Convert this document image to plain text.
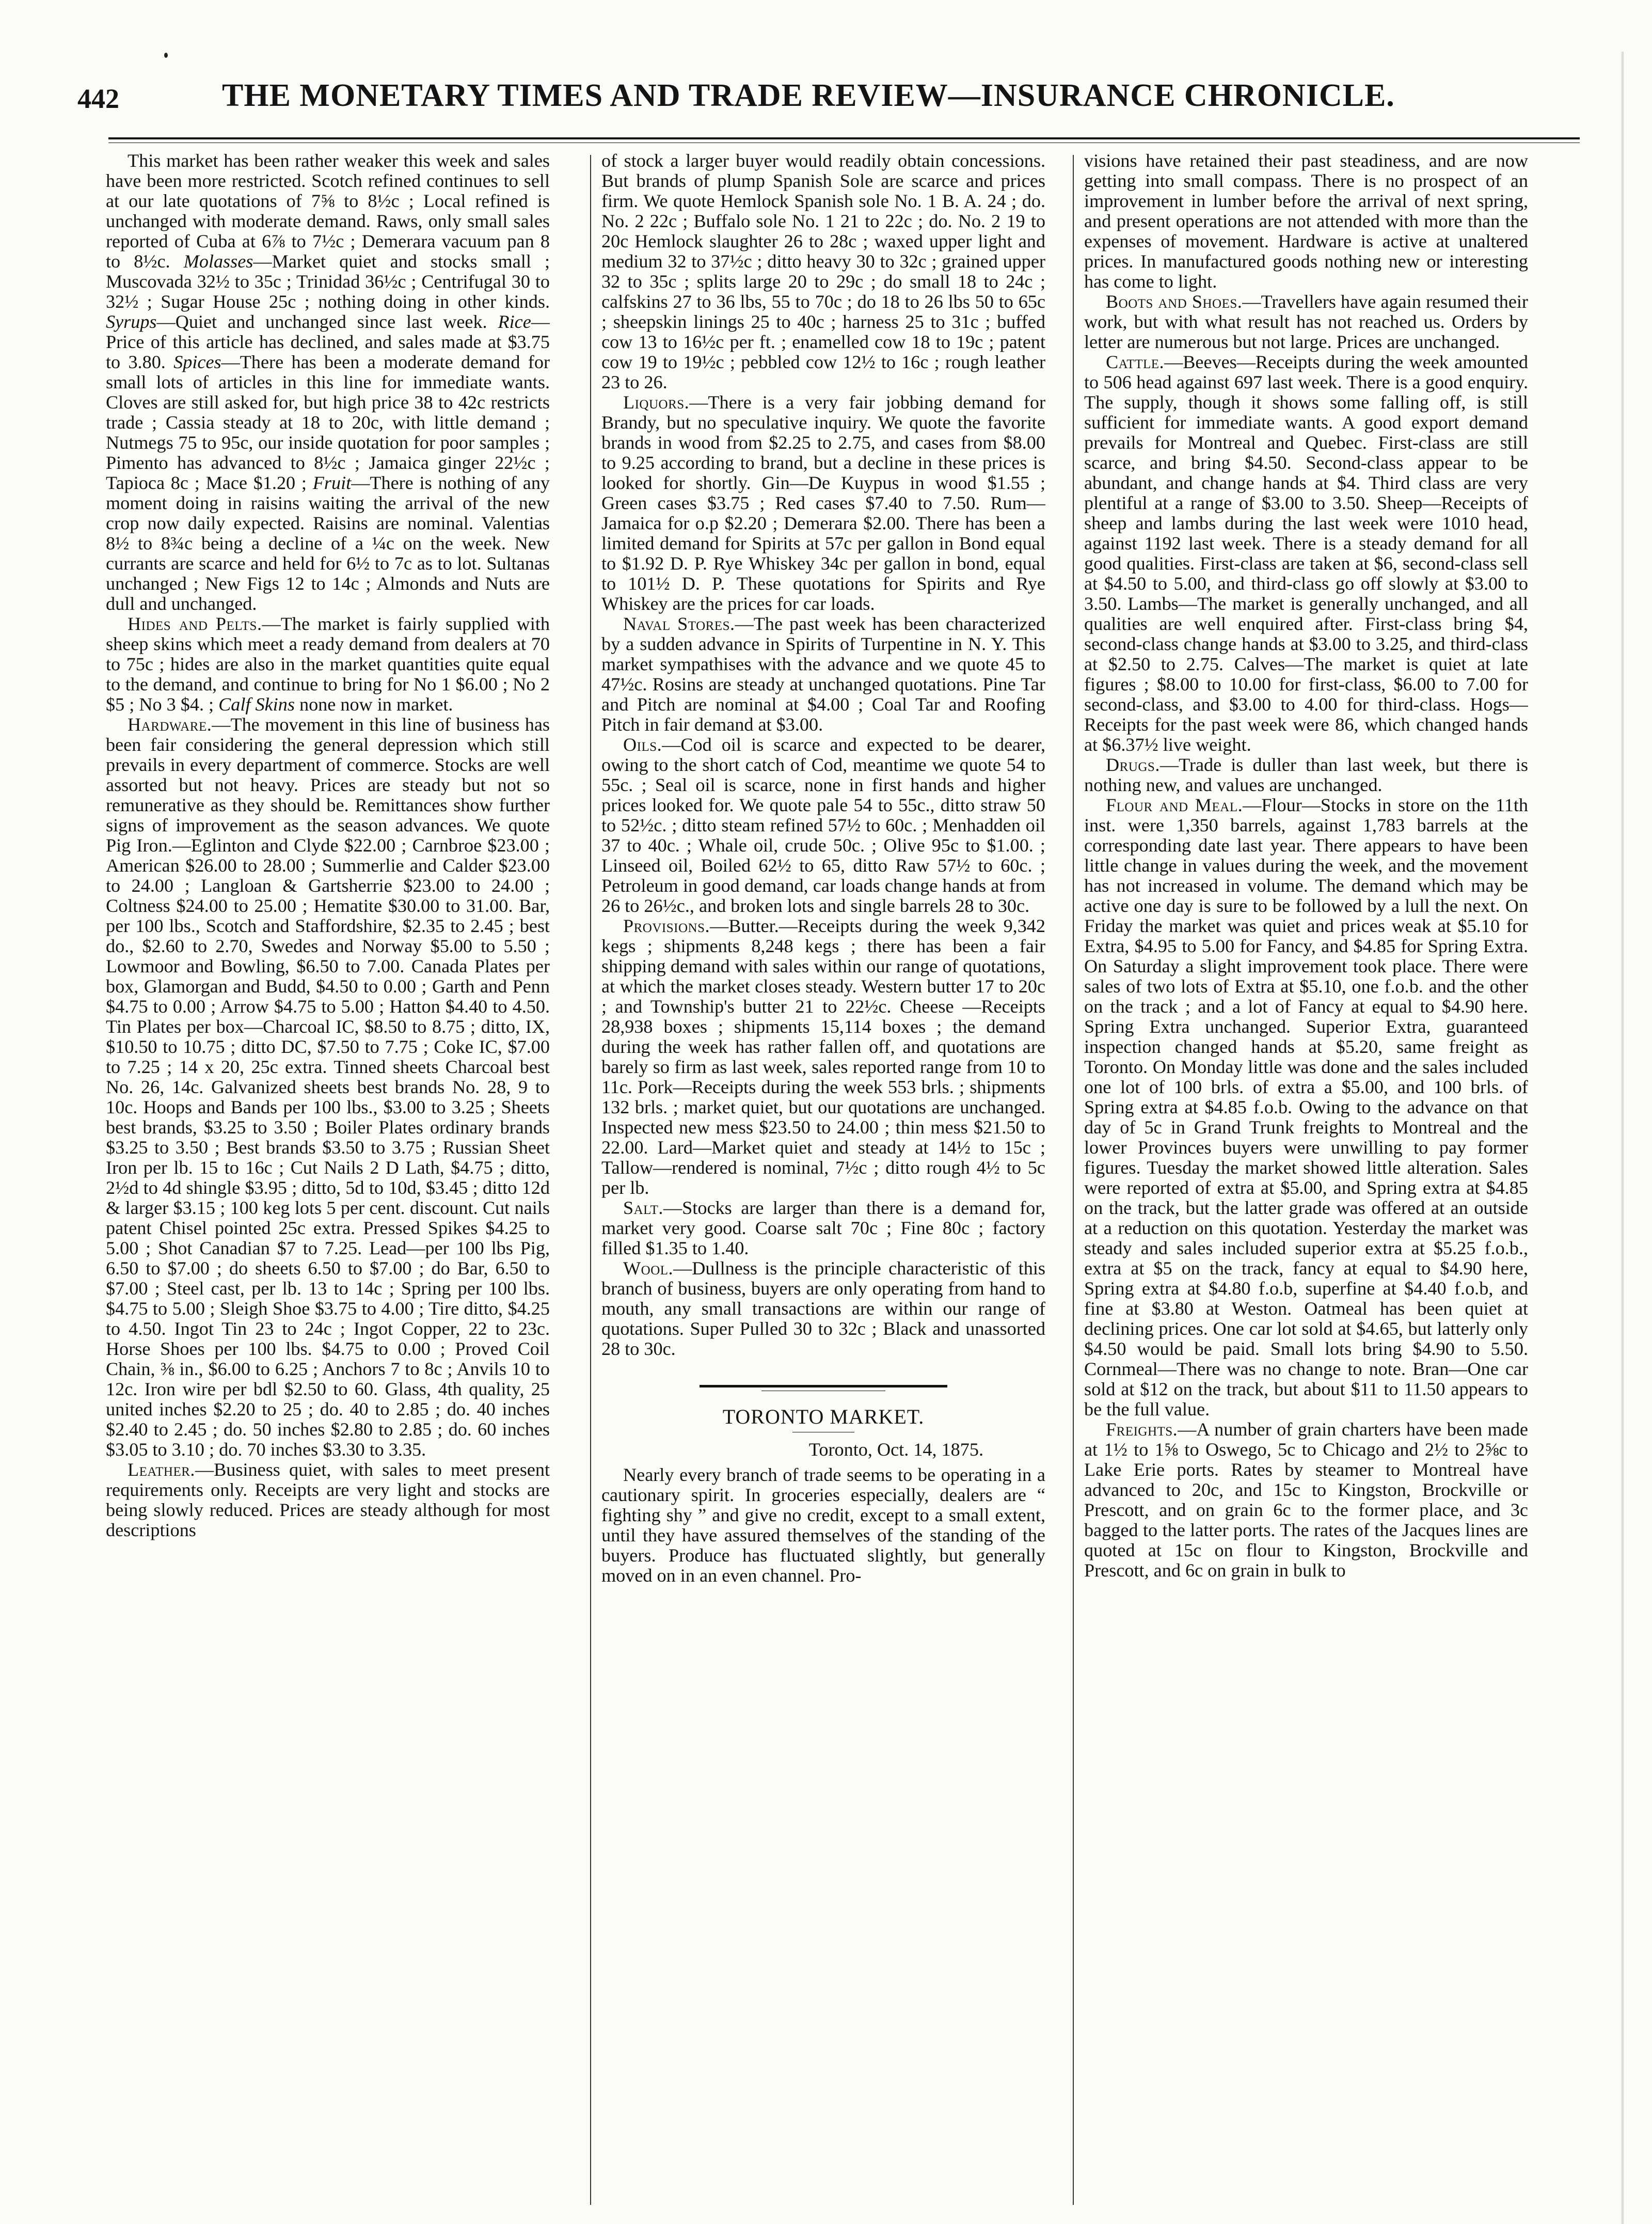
442	THE MONETARY TIMES AND TRADE REVIEW—INSURANCE CHRONICLE.

This market has been rather weaker this week and sales have been more restricted. Scotch refined continues to sell at our late quotations of 7⅝ to 8½c ; Local refined is unchanged with moderate demand. Raws, only small sales reported of Cuba at 6⅞ to 7½c ; Demerara vacuum pan 8 to 8½c. Molasses—Market quiet and stocks small ; Muscovada 32½ to 35c ; Trinidad 36½c ; Centrifugal 30 to 32½ ; Sugar House 25c ; nothing doing in other kinds. Syrups—Quiet and unchanged since last week. Rice—Price of this article has declined, and sales made at $3.75 to 3.80. Spices—There has been a moderate demand for small lots of articles in this line for immediate wants. Cloves are still asked for, but high price 38 to 42c restricts trade ; Cassia steady at 18 to 20c, with little demand ; Nutmegs 75 to 95c, our inside quotation for poor samples ; Pimento has advanced to 8½c ; Jamaica ginger 22½c ; Tapioca 8c ; Mace $1.20 ; Fruit—There is nothing of any moment doing in raisins waiting the arrival of the new crop now daily expected. Raisins are nominal. Valentias 8½ to 8¾c being a decline of a ¼c on the week. New currants are scarce and held for 6½ to 7c as to lot. Sultanas unchanged ; New Figs 12 to 14c ; Almonds and Nuts are dull and unchanged.

Hides and Pelts.—The market is fairly supplied with sheep skins which meet a ready demand from dealers at 70 to 75c ; hides are also in the market quantities quite equal to the demand, and continue to bring for No 1 $6.00 ; No 2 $5 ; No 3 $4. ; Calf Skins none now in market.

Hardware.—The movement in this line of business has been fair considering the general depression which still prevails in every department of commerce. Stocks are well assorted but not heavy. Prices are steady but not so remunerative as they should be. Remittances show further signs of improvement as the season advances. We quote Pig Iron.—Eglinton and Clyde $22.00 ; Carnbroe $23.00 ; American $26.00 to 28.00 ; Summerlie and Calder $23.00 to 24.00 ; Langloan & Gartsherrie $23.00 to 24.00 ; Coltness $24.00 to 25.00 ; Hematite $30.00 to 31.00. Bar, per 100 lbs., Scotch and Staffordshire, $2.35 to 2.45 ; best do., $2.60 to 2.70, Swedes and Norway $5.00 to 5.50 ; Lowmoor and Bowling, $6.50 to 7.00. Canada Plates per box, Glamorgan and Budd, $4.50 to 0.00 ; Garth and Penn $4.75 to 0.00 ; Arrow $4.75 to 5.00 ; Hatton $4.40 to 4.50. Tin Plates per box—Charcoal IC, $8.50 to 8.75 ; ditto, IX, $10.50 to 10.75 ; ditto DC, $7.50 to 7.75 ; Coke IC, $7.00 to 7.25 ; 14 x 20, 25c extra. Tinned sheets Charcoal best No. 26, 14c. Galvanized sheets best brands No. 28, 9 to 10c. Hoops and Bands per 100 lbs., $3.00 to 3.25 ; Sheets best brands, $3.25 to 3.50 ; Boiler Plates ordinary brands $3.25 to 3.50 ; Best brands $3.50 to 3.75 ; Russian Sheet Iron per lb. 15 to 16c ; Cut Nails 2 D Lath, $4.75 ; ditto, 2½d to 4d shingle $3.95 ; ditto, 5d to 10d, $3.45 ; ditto 12d & larger $3.15 ; 100 keg lots 5 per cent. discount. Cut nails patent Chisel pointed 25c extra. Pressed Spikes $4.25 to 5.00 ; Shot Canadian $7 to 7.25. Lead—per 100 lbs Pig, 6.50 to $7.00 ; do sheets 6.50 to $7.00 ; do Bar, 6.50 to $7.00 ; Steel cast, per lb. 13 to 14c ; Spring per 100 lbs. $4.75 to 5.00 ; Sleigh Shoe $3.75 to 4.00 ; Tire ditto, $4.25 to 4.50. Ingot Tin 23 to 24c ; Ingot Copper, 22 to 23c. Horse Shoes per 100 lbs. $4.75 to 0.00 ; Proved Coil Chain, ⅜ in., $6.00 to 6.25 ; Anchors 7 to 8c ; Anvils 10 to 12c. Iron wire per bdl $2.50 to 60. Glass, 4th quality, 25 united inches $2.20 to 25 ; do. 40 to 2.85 ; do. 40 inches $2.40 to 2.45 ; do. 50 inches $2.80 to 2.85 ; do. 60 inches $3.05 to 3.10 ; do. 70 inches $3.30 to 3.35.

Leather.—Business quiet, with sales to meet present requirements only. Receipts are very light and stocks are being slowly reduced. Prices are steady although for most descriptions

of stock a larger buyer would readily obtain concessions. But brands of plump Spanish Sole are scarce and prices firm. We quote Hemlock Spanish sole No. 1 B. A. 24 ; do. No. 2 22c ; Buffalo sole No. 1 21 to 22c ; do. No. 2 19 to 20c Hemlock slaughter 26 to 28c ; waxed upper light and medium 32 to 37½c ; ditto heavy 30 to 32c ; grained upper 32 to 35c ; splits large 20 to 29c ; do small 18 to 24c ; calfskins 27 to 36 lbs, 55 to 70c ; do 18 to 26 lbs 50 to 65c ; sheepskin linings 25 to 40c ; harness 25 to 31c ; buffed cow 13 to 16½c per ft. ; enamelled cow 18 to 19c ; patent cow 19 to 19½c ; pebbled cow 12½ to 16c ; rough leather 23 to 26.

Liquors.—There is a very fair jobbing demand for Brandy, but no speculative inquiry. We quote the favorite brands in wood from $2.25 to 2.75, and cases from $8.00 to 9.25 according to brand, but a decline in these prices is looked for shortly. Gin—De Kuypus in wood $1.55 ; Green cases $3.75 ; Red cases $7.40 to 7.50. Rum—Jamaica for o.p $2.20 ; Demerara $2.00. There has been a limited demand for Spirits at 57c per gallon in Bond equal to $1.92 D. P. Rye Whiskey 34c per gallon in bond, equal to 101½ D. P. These quotations for Spirits and Rye Whiskey are the prices for car loads.

Naval Stores.—The past week has been characterized by a sudden advance in Spirits of Turpentine in N. Y. This market sympathises with the advance and we quote 45 to 47½c. Rosins are steady at unchanged quotations. Pine Tar and Pitch are nominal at $4.00 ; Coal Tar and Roofing Pitch in fair demand at $3.00.

Oils.—Cod oil is scarce and expected to be dearer, owing to the short catch of Cod, meantime we quote 54 to 55c. ; Seal oil is scarce, none in first hands and higher prices looked for. We quote pale 54 to 55c., ditto straw 50 to 52½c. ; ditto steam refined 57½ to 60c. ; Menhadden oil 37 to 40c. ; Whale oil, crude 50c. ; Olive 95c to $1.00. ; Linseed oil, Boiled 62½ to 65, ditto Raw 57½ to 60c. ; Petroleum in good demand, car loads change hands at from 26 to 26½c., and broken lots and single barrels 28 to 30c.

Provisions.—Butter.—Receipts during the week 9,342 kegs ; shipments 8,248 kegs ; there has been a fair shipping demand with sales within our range of quotations, at which the market closes steady. Western butter 17 to 20c ; and Township's butter 21 to 22½c. Cheese —Receipts 28,938 boxes ; shipments 15,114 boxes ; the demand during the week has rather fallen off, and quotations are barely so firm as last week, sales reported range from 10 to 11c. Pork—Receipts during the week 553 brls. ; shipments 132 brls. ; market quiet, but our quotations are unchanged. Inspected new mess $23.50 to 24.00 ; thin mess $21.50 to 22.00. Lard—Market quiet and steady at 14½ to 15c ; Tallow—rendered is nominal, 7½c ; ditto rough 4½ to 5c per lb.

Salt.—Stocks are larger than there is a demand for, market very good. Coarse salt 70c ; Fine 80c ; factory filled $1.35 to 1.40.

Wool.—Dullness is the principle characteristic of this branch of business, buyers are only operating from hand to mouth, any small transactions are within our range of quotations. Super Pulled 30 to 32c ; Black and unassorted 28 to 30c.

TORONTO MARKET.
Toronto, Oct. 14, 1875.

Nearly every branch of trade seems to be operating in a cautionary spirit. In groceries especially, dealers are “ fighting shy ” and give no credit, except to a small extent, until they have assured themselves of the standing of the buyers. Produce has fluctuated slightly, but generally moved on in an even channel. Pro-

visions have retained their past steadiness, and are now getting into small compass. There is no prospect of an improvement in lumber before the arrival of next spring, and present operations are not attended with more than the expenses of movement. Hardware is active at unaltered prices. In manufactured goods nothing new or interesting has come to light.

Boots and Shoes.—Travellers have again resumed their work, but with what result has not reached us. Orders by letter are numerous but not large. Prices are unchanged.

Cattle.—Beeves—Receipts during the week amounted to 506 head against 697 last week. There is a good enquiry. The supply, though it shows some falling off, is still sufficient for immediate wants. A good export demand prevails for Montreal and Quebec. First-class are still scarce, and bring $4.50. Second-class appear to be abundant, and change hands at $4. Third class are very plentiful at a range of $3.00 to 3.50. Sheep—Receipts of sheep and lambs during the last week were 1010 head, against 1192 last week. There is a steady demand for all good qualities. First-class are taken at $6, second-class sell at $4.50 to 5.00, and third-class go off slowly at $3.00 to 3.50. Lambs—The market is generally unchanged, and all qualities are well enquired after. First-class bring $4, second-class change hands at $3.00 to 3.25, and third-class at $2.50 to 2.75. Calves—The market is quiet at late figures ; $8.00 to 10.00 for first-class, $6.00 to 7.00 for second-class, and $3.00 to 4.00 for third-class. Hogs—Receipts for the past week were 86, which changed hands at $6.37½ live weight.

Drugs.—Trade is duller than last week, but there is nothing new, and values are unchanged.

Flour and Meal.—Flour—Stocks in store on the 11th inst. were 1,350 barrels, against 1,783 barrels at the corresponding date last year. There appears to have been little change in values during the week, and the movement has not increased in volume. The demand which may be active one day is sure to be followed by a lull the next. On Friday the market was quiet and prices weak at $5.10 for Extra, $4.95 to 5.00 for Fancy, and $4.85 for Spring Extra. On Saturday a slight improvement took place. There were sales of two lots of Extra at $5.10, one f.o.b. and the other on the track ; and a lot of Fancy at equal to $4.90 here. Spring Extra unchanged. Superior Extra, guaranteed inspection changed hands at $5.20, same freight as Toronto. On Monday little was done and the sales included one lot of 100 brls. of extra a $5.00, and 100 brls. of Spring extra at $4.85 f.o.b. Owing to the advance on that day of 5c in Grand Trunk freights to Montreal and the lower Provinces buyers were unwilling to pay former figures. Tuesday the market showed little alteration. Sales were reported of extra at $5.00, and Spring extra at $4.85 on the track, but the latter grade was offered at an outside at a reduction on this quotation. Yesterday the market was steady and sales included superior extra at $5.25 f.o.b., extra at $5 on the track, fancy at equal to $4.90 here, Spring extra at $4.80 f.o.b, superfine at $4.40 f.o.b, and fine at $3.80 at Weston. Oatmeal has been quiet at declining prices. One car lot sold at $4.65, but latterly only $4.50 would be paid. Small lots bring $4.90 to 5.50. Cornmeal—There was no change to note. Bran—One car sold at $12 on the track, but about $11 to 11.50 appears to be the full value.

Freights.—A number of grain charters have been made at 1½ to 1⅝ to Oswego, 5c to Chicago and 2½ to 2⅝c to Lake Erie ports. Rates by steamer to Montreal have advanced to 20c, and 15c to Kingston, Brockville or Prescott, and on grain 6c to the former place, and 3c bagged to the latter ports. The rates of the Jacques lines are quoted at 15c on flour to Kingston, Brockville and Prescott, and 6c on grain in bulk to
